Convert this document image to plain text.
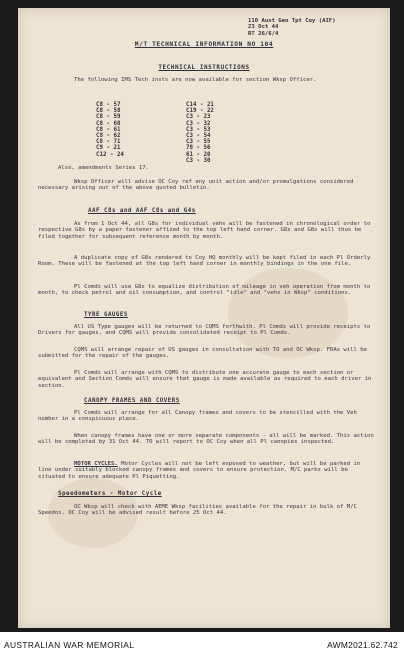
110 Aust Gen Tpt Coy (AIF)
23 Oct 44
RT 26/6/4
M/T TECHNICAL INFORMATION NO 104
TECHNICAL INSTRUCTIONS
The following IMS Tech insts are now available for section Wksp Officer.
C8 - 57
C8 - 58
C8 - 59
C8 - 60
C8 - 61
C8 - 62
C8 - 71
C9 - 21
C12 - 24
C14 - 21
C19 - 22
C3 - 23
C3 - 32
C3 - 53
C3 - 54
C3 - 55
78 - 56
61 - 20
C3 - 30
Also, amendments Series 17.
Wksp Officer will advise OC Coy ref any unit action and/or promulgations considered necessary arising out of the above quoted bulletin.
AAF C8s and AAF C8s and G4s
As from 1 Oct 44, all G8s for individual vehs will be fastened in chronological order to respective G8s by a paper fastener affixed to the top left hand corner. G8s and G8s will thus be filed together for subsequent reference month by month.
A duplicate copy of G8s rendered to Coy HQ monthly will be kept filed in each Pl Orderly Room. These will be fastened at the top left hand corner in monthly bindings in the one file.
Pl Comds will use G8s to equalize distribution of mileage in veh operation from month to month, to check petrol and oil consumption, and control "idle" and "vehs in Wksp" conditions.
TYRE GAUGES
All US Type gauges will be returned to CQMS forthwith. Pl Comds will provide receipts to Drivers for gauges, and CQMS will provide consolidated receipt to Pl Comds.
CQMS will arrange repair of US gauges in consultation with TO and OC Wksp. FDAs will be submitted for the repair of the gauges.
Pl Comds will arrange with CQMS to distribute one accurate gauge to each section or equivalent and Section Comds will ensure that gauge is made available as required to each driver in section.
CANOPY FRAMES AND COVERS
Pl Comds will arrange for all Canopy frames and covers to be stencilled with the Veh number in a conspicuous place.
When canopy frames have one or more separate components - all will be marked. This action will be completed by 31 Oct 44. TO will report to OC Coy when all Pl canopies inspected.
MOTOR CYCLES. Motor Cycles will not be left exposed to weather, but will be parked in line under suitably blocked canopy frames and covers to ensure protection. M/C parks will be situated to ensure adequate Pl Piquetting.
Speedometers - Motor Cycle
OC Wksp will check with AEME Wksp facilities available for the repair in bulk of M/C Speedos. OC Coy will be advised result before 25 Oct 44.
AUSTRALIAN WAR MEMORIAL	AWM2021.62.742
